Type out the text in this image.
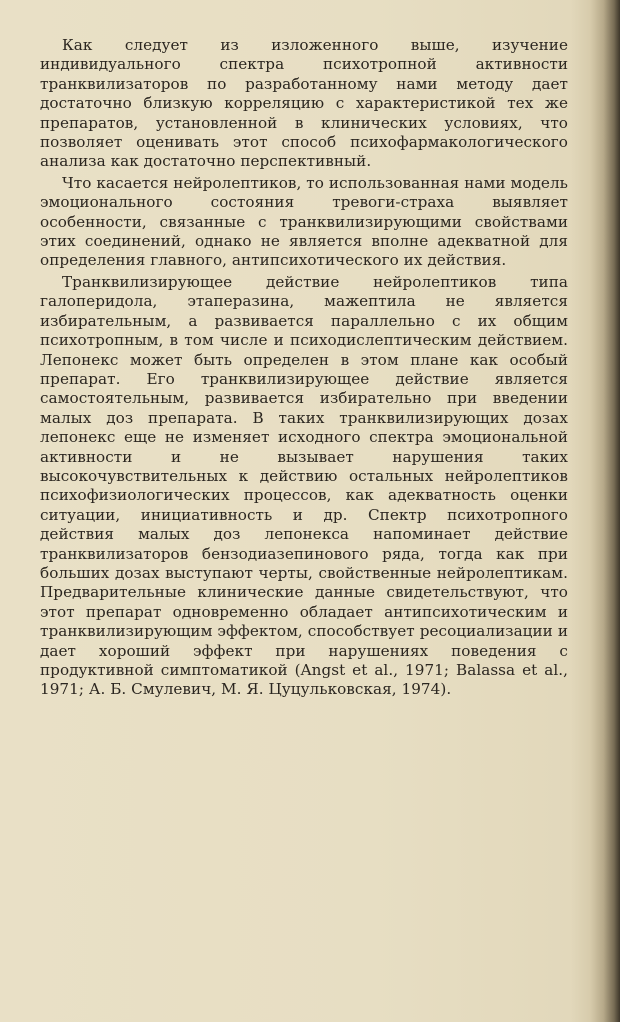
Как следует из изложенного выше, изучение индивидуального спектра психотропной активности транквилизаторов по разработанному нами методу дает достаточно близкую корреляцию с характеристикой тех же препаратов, установленной в клинических условиях, что позволяет оценивать этот способ психофармакологического анализа как достаточно перспективный.

Что касается нейролептиков, то использованная нами модель эмоционального состояния тревоги-страха выявляет особенности, связанные с транквилизирующими свойствами этих соединений, однако не является вполне адекватной для определения главного, антипсихотического их действия.

Транквилизирующее действие нейролептиков типа галоперидола, этаперазина, мажептила не является избирательным, а развивается параллельно с их общим психотропным, в том числе и психодислептическим действием. Лепонекс может быть определен в этом плане как особый препарат. Его транквилизирующее действие является самостоятельным, развивается избирательно при введении малых доз препарата. В таких транквилизирующих дозах лепонекс еще не изменяет исходного спектра эмоциональной активности и не вызывает нарушения таких высокочувствительных к действию остальных нейролептиков психофизиологических процессов, как адекватность оценки ситуации, инициативность и др. Спектр психотропного действия малых доз лепонекса напоминает действие транквилизаторов бензодиазепинового ряда, тогда как при больших дозах выступают черты, свойственные нейролептикам. Предварительные клинические данные свидетельствуют, что этот препарат одновременно обладает антипсихотическим и транквилизирующим эффектом, способствует ресоциализации и дает хороший эффект при нарушениях поведения с продуктивной симптоматикой (Angst et al., 1971; Balassa et al., 1971; А. Б. Смулевич, М. Я. Цуцульковская, 1974).
